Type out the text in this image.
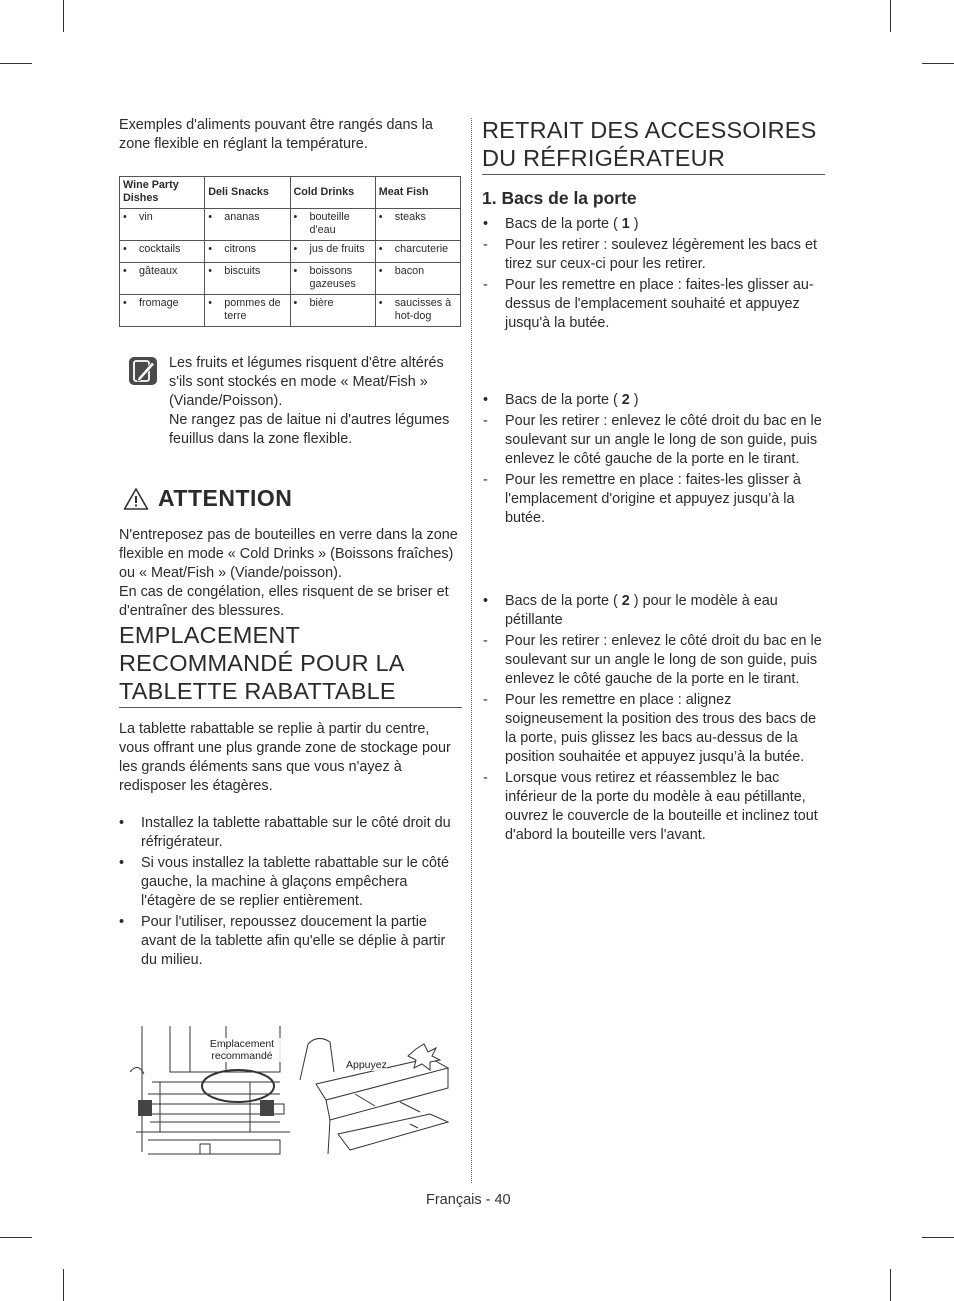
Exemples d'aliments pouvant être rangés dans la zone flexible en réglant la température.

Wine Party Dishes	Deli Snacks	Cold Drinks	Meat Fish
• vin	• ananas	• bouteille d'eau	• steaks
• cocktails	• citrons	• jus de fruits	• charcuterie
• gâteaux	• biscuits	• boissons gazeuses	• bacon
• fromage	• pommes de terre	• bière	• saucisses à hot-dog
Les fruits et légumes risquent d'être altérés s'ils sont stockés en mode « Meat/Fish » (Viande/Poisson).
Ne rangez pas de laitue ni d'autres légumes feuillus dans la zone flexible.
ATTENTION
N'entreposez pas de bouteilles en verre dans la zone flexible en mode « Cold Drinks » (Boissons fraîches) ou « Meat/Fish » (Viande/poisson).
En cas de congélation, elles risquent de se briser et d'entraîner des blessures.
EMPLACEMENT RECOMMANDÉ POUR LA TABLETTE RABATTABLE
La tablette rabattable se replie à partir du centre, vous offrant une plus grande zone de stockage pour les grands éléments sans que vous n'ayez à redisposer les étagères.
• Installez la tablette rabattable sur le côté droit du réfrigérateur.
• Si vous installez la tablette rabattable sur le côté gauche, la machine à glaçons empêchera l'étagère de se replier entièrement.
• Pour l'utiliser, repoussez doucement la partie avant de la tablette afin qu'elle se déplie à partir du milieu.
Emplacement recommandé
Appuyez
RETRAIT DES ACCESSOIRES DU RÉFRIGÉRATEUR
1. Bacs de la porte
• Bacs de la porte ( 1 )
- Pour les retirer : soulevez légèrement les bacs et tirez sur ceux-ci pour les retirer.
- Pour les remettre en place : faites-les glisser au-dessus de l'emplacement souhaité et appuyez jusqu'à la butée.
• Bacs de la porte ( 2 )
- Pour les retirer : enlevez le côté droit du bac en le soulevant sur un angle le long de son guide, puis enlevez le côté gauche de la porte en le tirant.
- Pour les remettre en place : faites-les glisser à l'emplacement d'origine et appuyez jusqu’à la butée.
• Bacs de la porte ( 2 ) pour le modèle à eau pétillante
- Pour les retirer : enlevez le côté droit du bac en le soulevant sur un angle le long de son guide, puis enlevez le côté gauche de la porte en le tirant.
- Pour les remettre en place : alignez soigneusement la position des trous des bacs de la porte, puis glissez les bacs au-dessus de la position souhaitée et appuyez jusqu’à la butée.
- Lorsque vous retirez et réassemblez le bac inférieur de la porte du modèle à eau pétillante, ouvrez le couvercle de la bouteille et inclinez tout d'abord la bouteille vers l'avant.
Français - 40
